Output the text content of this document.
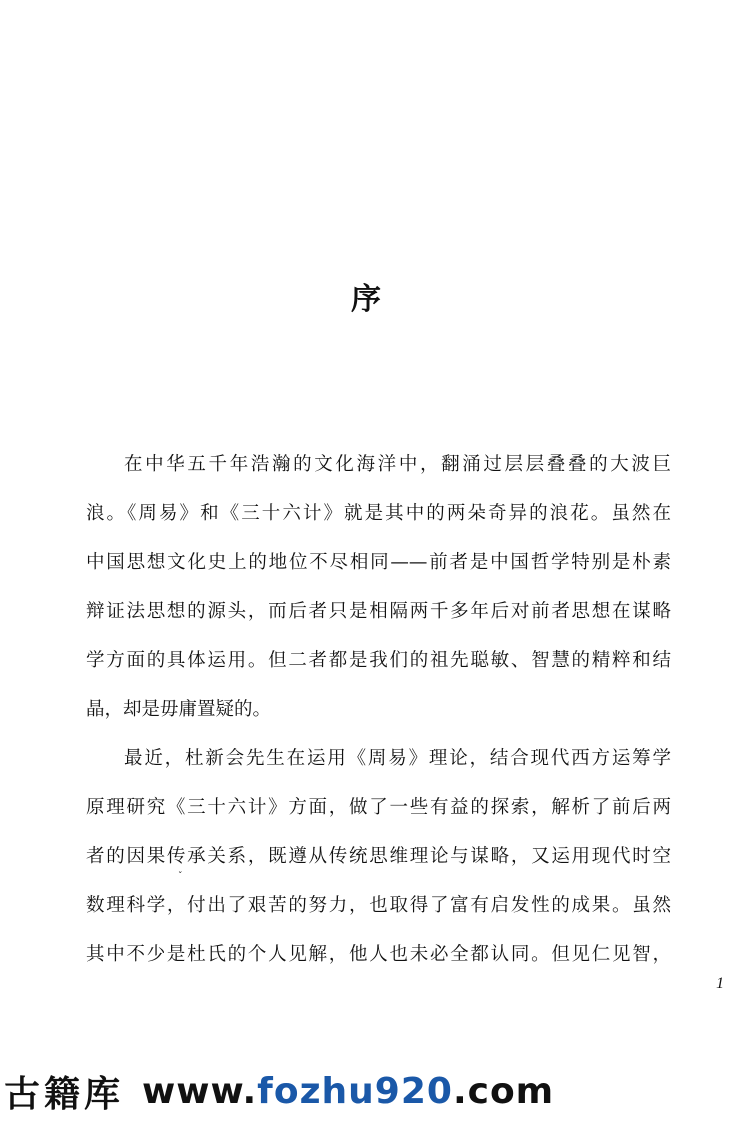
序
在中华五千年浩瀚的文化海洋中，翻涌过层层叠叠的大波巨
浪。《周易》和《三十六计》就是其中的两朵奇异的浪花。虽然在
中国思想文化史上的地位不尽相同——前者是中国哲学特别是朴素
辩证法思想的源头，而后者只是相隔两千多年后对前者思想在谋略
学方面的具体运用。但二者都是我们的祖先聪敏、智慧的精粹和结
晶，却是毋庸置疑的。
最近，杜新会先生在运用《周易》理论，结合现代西方运筹学
原理研究《三十六计》方面，做了一些有益的探索，解析了前后两
者的因果传承关系，既遵从传统思维理论与谋略，又运用现代时空
数理科学，付出了艰苦的努力，也取得了富有启发性的成果。虽然
其中不少是杜氏的个人见解，他人也未必全都认同。但见仁见智，
ˇ
1
古籍库 www.fozhu920.com
